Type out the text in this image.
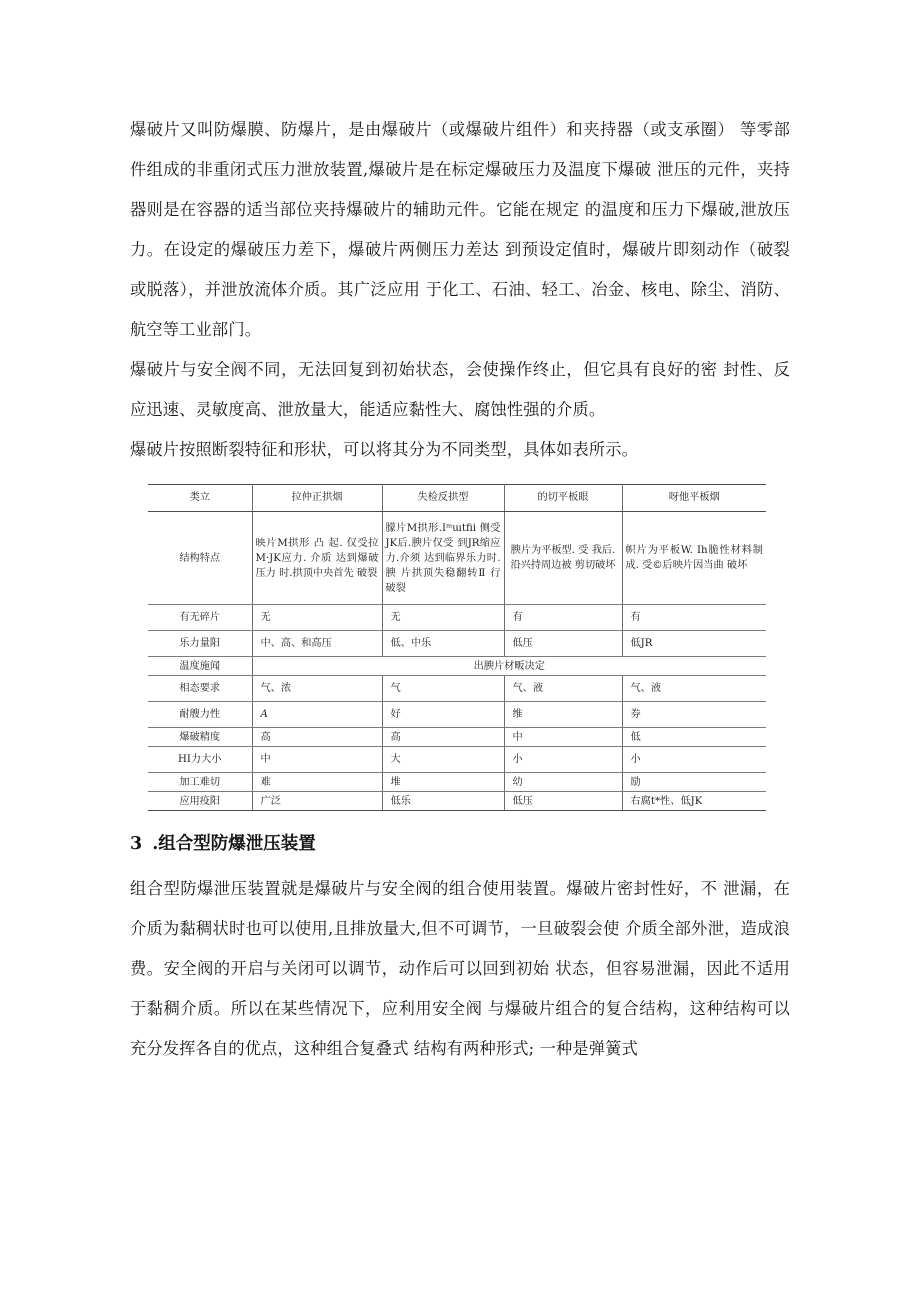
爆破片又叫防爆膜、防爆片，是由爆破片（或爆破片组件）和夹持器（或支承圈） 等零部件组成的非重闭式压力泄放装置,爆破片是在标定爆破压力及温度下爆破 泄压的元件，夹持器则是在容器的适当部位夹持爆破片的辅助元件。它能在规定 的温度和压力下爆破,泄放压力。在设定的爆破压力差下，爆破片两侧压力差达 到预设定值时，爆破片即刻动作（破裂或脱落），并泄放流体介质。其广泛应用 于化工、石油、轻工、冶金、核电、除尘、消防、航空等工业部门。

爆破片与安全阀不同，无法回复到初始状态，会使操作终止，但它具有良好的密 封性、反应迅速、灵敏度高、泄放量大，能适应黏性大、腐蚀性强的介质。

爆破片按照断裂特征和形状，可以将其分为不同类型，具体如表所示。

类立	拉仲正拱烟	失检反拱型	的切平板眼	呀他平板烟
结构特点	映片M拱形 凸 起. 仅受拉M·JK应力. 介质 达到爆破 压力 时.拱顶中央首先 破裂	朦片M拱形.Iᵐɯtfii 侧受JK后.腴片仅受 到JR缩应力.介须 达到临界乐力时.腴 片拱顶失稳翻转Ⅱ 行破裂	腴片为平板型. 受 我后. 沿兴持周边被 剪切破坏	帜片为平板W. Ih脆性材料制成. 受©后映片因当曲 破坏
有无碎片	无	无	有	有
乐力量阳	中、高、和高压	低、中乐	低压	低JR
温度施闻	出腴片材畈决定			
相态要求	气、浓	气	气、液	气、液
耐艘力性	A	好	维	券
爆破精度	高	高	中	低
HI力大小	中	大	小	小
加工难切	难	堆	幼	励
应用疫阳	广泛	低乐	低压	右腐t*性、低JK
3 .组合型防爆泄压装置

组合型防爆泄压装置就是爆破片与安全阀的组合使用装置。爆破片密封性好，不 泄漏，在介质为黏稠状时也可以使用,且排放量大,但不可调节，一旦破裂会使 介质全部外泄，造成浪费。安全阀的开启与关闭可以调节，动作后可以回到初始 状态，但容易泄漏，因此不适用于黏稠介质。所以在某些情况下，应利用安全阀 与爆破片组合的复合结构，这种结构可以充分发挥各自的优点，这种组合复叠式 结构有两种形式; 一种是弹簧式
